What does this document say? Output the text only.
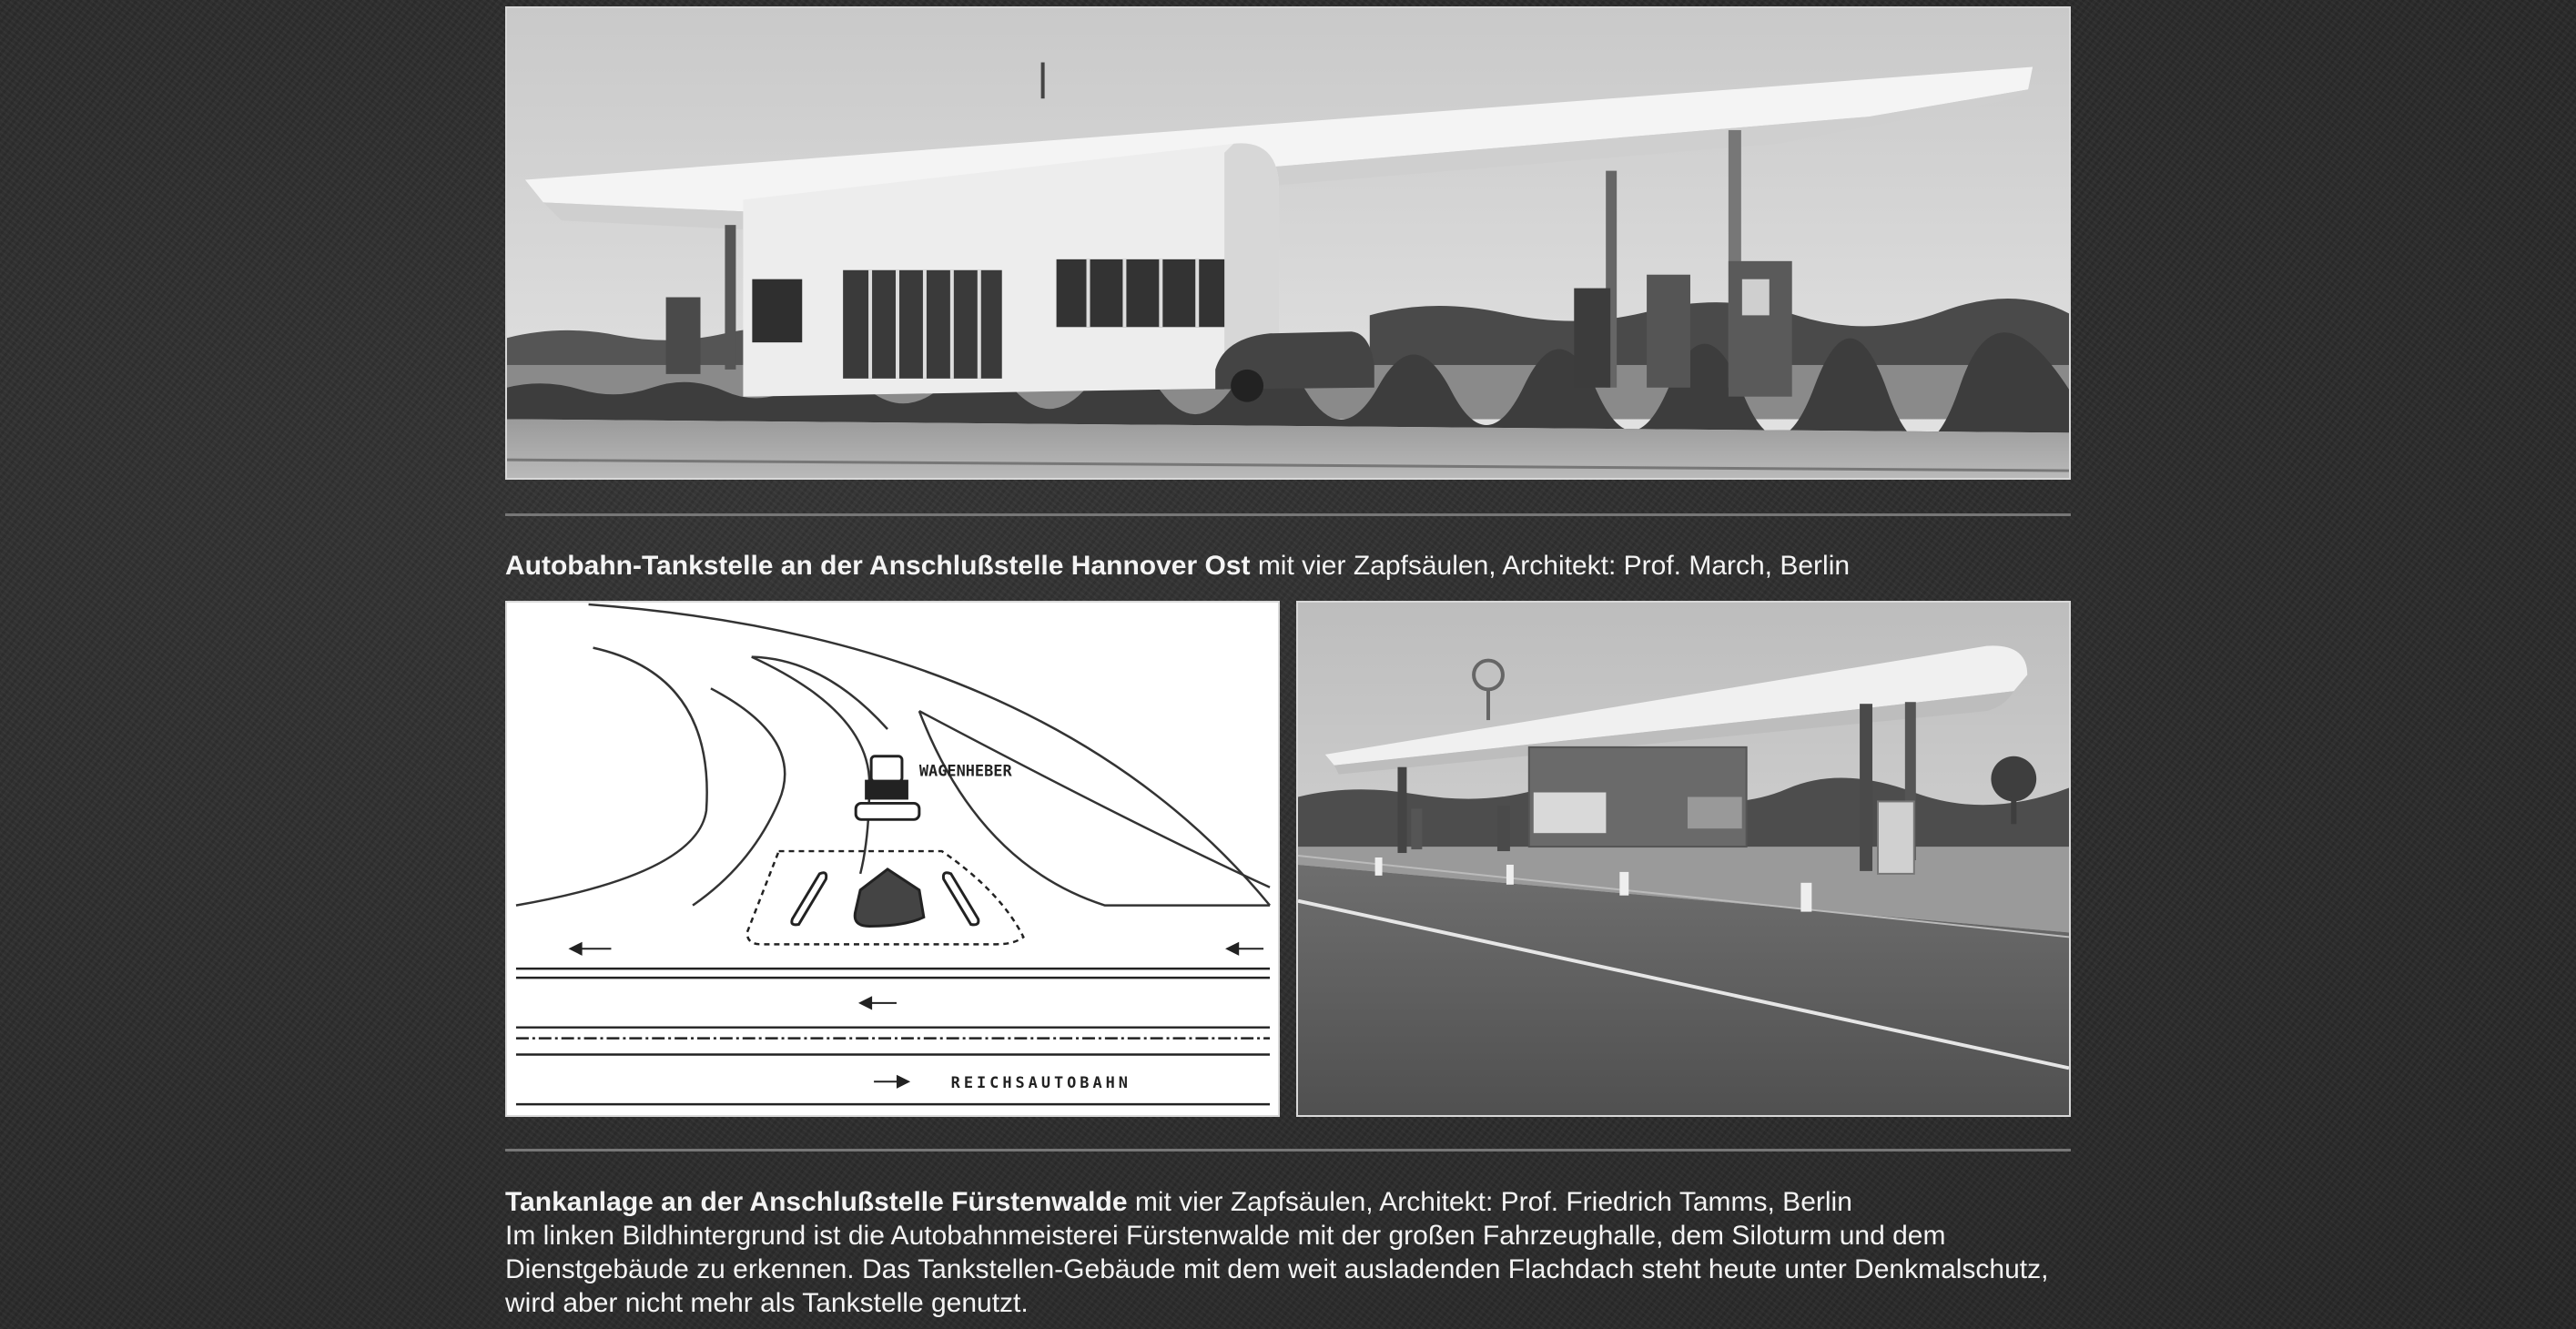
Autobahn-Tankstelle an der Anschlußstelle Hannover Ost mit vier Zapfsäulen, Architekt: Prof. March, Berlin
WAGENHEBER
REICHSAUTOBAHN
Tankanlage an der Anschlußstelle Fürstenwalde mit vier Zapfsäulen, Architekt: Prof. Friedrich Tamms, Berlin
Im linken Bildhintergrund ist die Autobahnmeisterei Fürstenwalde mit der großen Fahrzeughalle, dem Siloturm und dem Dienstgebäude zu erkennen. Das Tankstellen-Gebäude mit dem weit ausladenden Flachdach steht heute unter Denkmalschutz, wird aber nicht mehr als Tankstelle genutzt.
